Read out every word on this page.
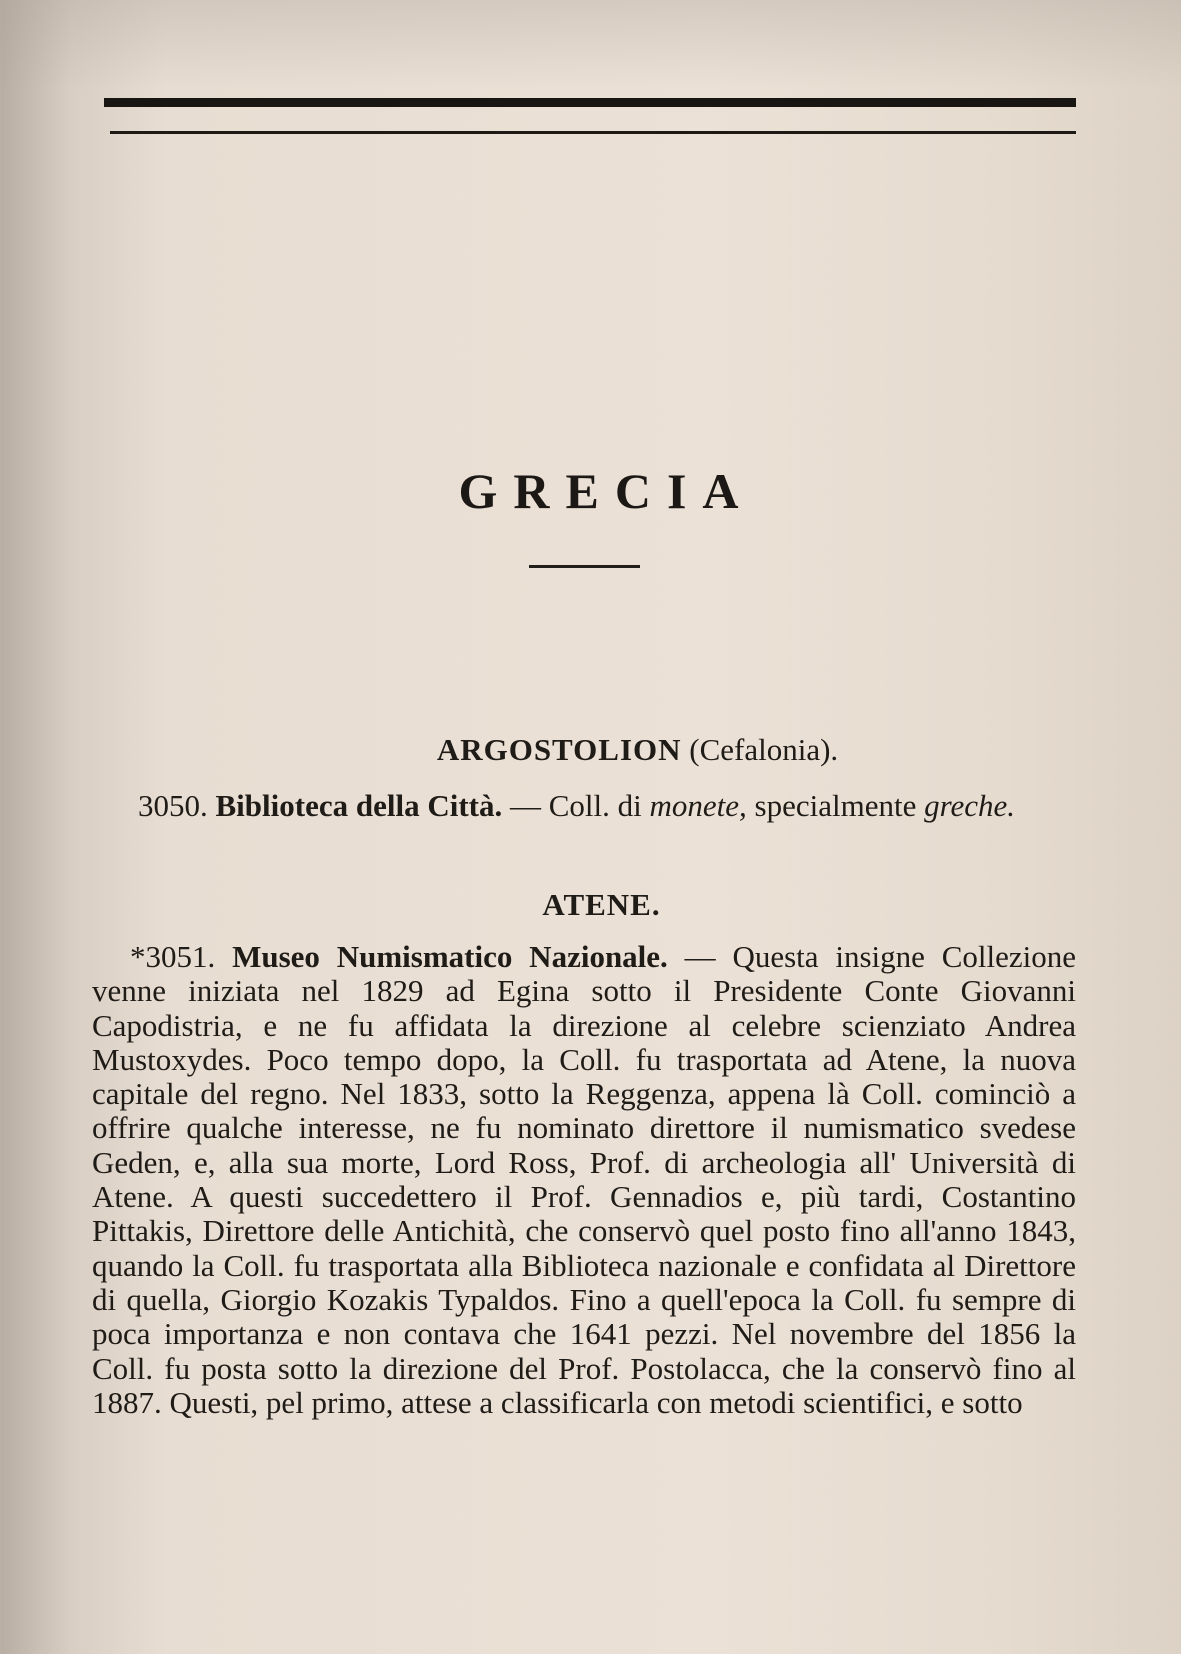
GRECIA
ARGOSTOLION (Cefalonia).
3050. Biblioteca della Città. — Coll. di monete, specialmente greche.
ATENE.
*3051. Museo Numismatico Nazionale. — Questa insigne Collezione venne iniziata nel 1829 ad Egina sotto il Presidente Conte Giovanni Capodistria, e ne fu affidata la direzione al celebre scienziato Andrea Mustoxydes. Poco tempo dopo, la Coll. fu trasportata ad Atene, la nuova capitale del regno. Nel 1833, sotto la Reggenza, appena là Coll. cominciò a offrire qualche interesse, ne fu nominato direttore il numismatico svedese Geden, e, alla sua morte, Lord Ross, Prof. di archeologia all' Università di Atene. A questi succedettero il Prof. Gennadios e, più tardi, Costantino Pittakis, Direttore delle Antichità, che conservò quel posto fino all'anno 1843, quando la Coll. fu trasportata alla Biblioteca nazionale e confidata al Direttore di quella, Giorgio Kozakis Typaldos. Fino a quell'epoca la Coll. fu sempre di poca importanza e non contava che 1641 pezzi. Nel novembre del 1856 la Coll. fu posta sotto la direzione del Prof. Postolacca, che la conservò fino al 1887. Questi, pel primo, attese a classificarla con metodi scientifici, e sotto
